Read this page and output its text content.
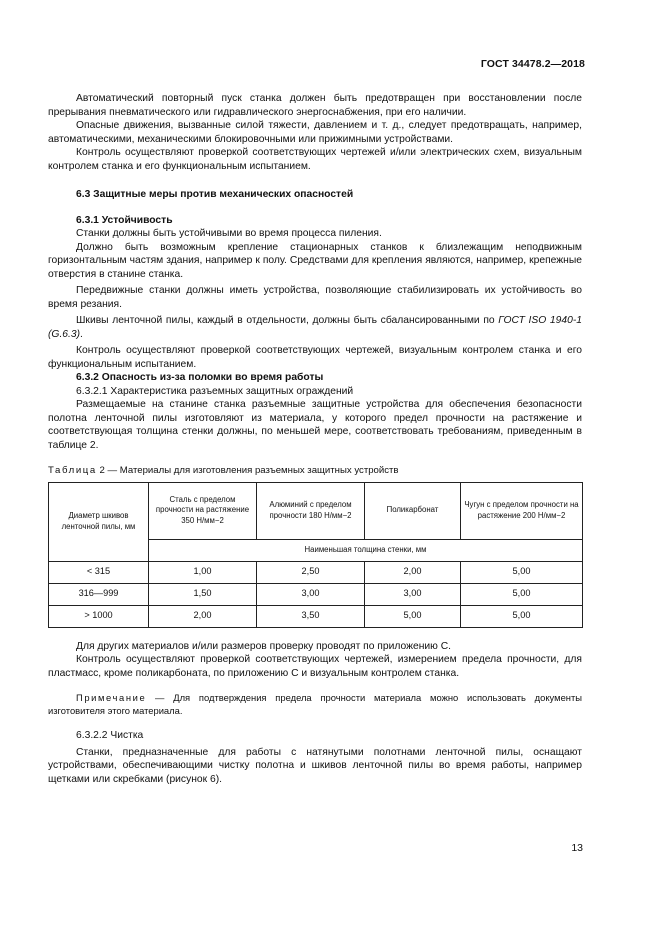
ГОСТ 34478.2—2018

Автоматический повторный пуск станка должен быть предотвращен при восстановлении после прерывания пневматического или гидравлического энергоснабжения, при его наличии.

Опасные движения, вызванные силой тяжести, давлением и т. д., следует предотвращать, например, автоматическими, механическими блокировочными или прижимными устройствами.

Контроль осуществляют проверкой соответствующих чертежей и/или электрических схем, визуальным контролем станка и его функциональным испытанием.

6.3 Защитные меры против механических опасностей

6.3.1 Устойчивость

Станки должны быть устойчивыми во время процесса пиления.

Должно быть возможным крепление стационарных станков к близлежащим неподвижным горизонтальным частям здания, например к полу. Средствами для крепления являются, например, крепежные отверстия в станине станка.

Передвижные станки должны иметь устройства, позволяющие стабилизировать их устойчивость во время резания.

Шкивы ленточной пилы, каждый в отдельности, должны быть сбалансированными по ГОСТ ISO 1940-1 (G.6.3).

Контроль осуществляют проверкой соответствующих чертежей, визуальным контролем станка и его функциональным испытанием.

6.3.2 Опасность из-за поломки во время работы

6.3.2.1 Характеристика разъемных защитных ограждений

Размещаемые на станине станка разъемные защитные устройства для обеспечения безопасности полотна ленточной пилы изготовляют из материала, у которого предел прочности на растяжение и соответствующая толщина стенки должны, по меньшей мере, соответствовать требованиям, приведенным в таблице 2.

Таблица 2 — Материалы для изготовления разъемных защитных устройств
Диаметр шкивов ленточной пилы, мм	Сталь с пределом прочности на растяжение 350 Н/мм−2	Алюминий с пределом прочности 180 Н/мм−2	Поликарбонат	Чугун с пределом прочности на растяжение 200 Н/мм−2
	Наименьшая толщина стенки, мм			
< 315	1,00	2,50	2,00	5,00
316—999	1,50	3,00	3,00	5,00
> 1000	2,00	3,50	5,00	5,00

Для других материалов и/или размеров проверку проводят по приложению С.

Контроль осуществляют проверкой соответствующих чертежей, измерением предела прочности, для пластмасс, кроме поликарбоната, по приложению С и визуальным контролем станка.

Примечание — Для подтверждения предела прочности материала можно использовать документы изготовителя этого материала.

6.3.2.2 Чистка

Станки, предназначенные для работы с натянутыми полотнами ленточной пилы, оснащают устройствами, обеспечивающими чистку полотна и шкивов ленточной пилы во время работы, например щетками или скребками (рисунок 6).

13
